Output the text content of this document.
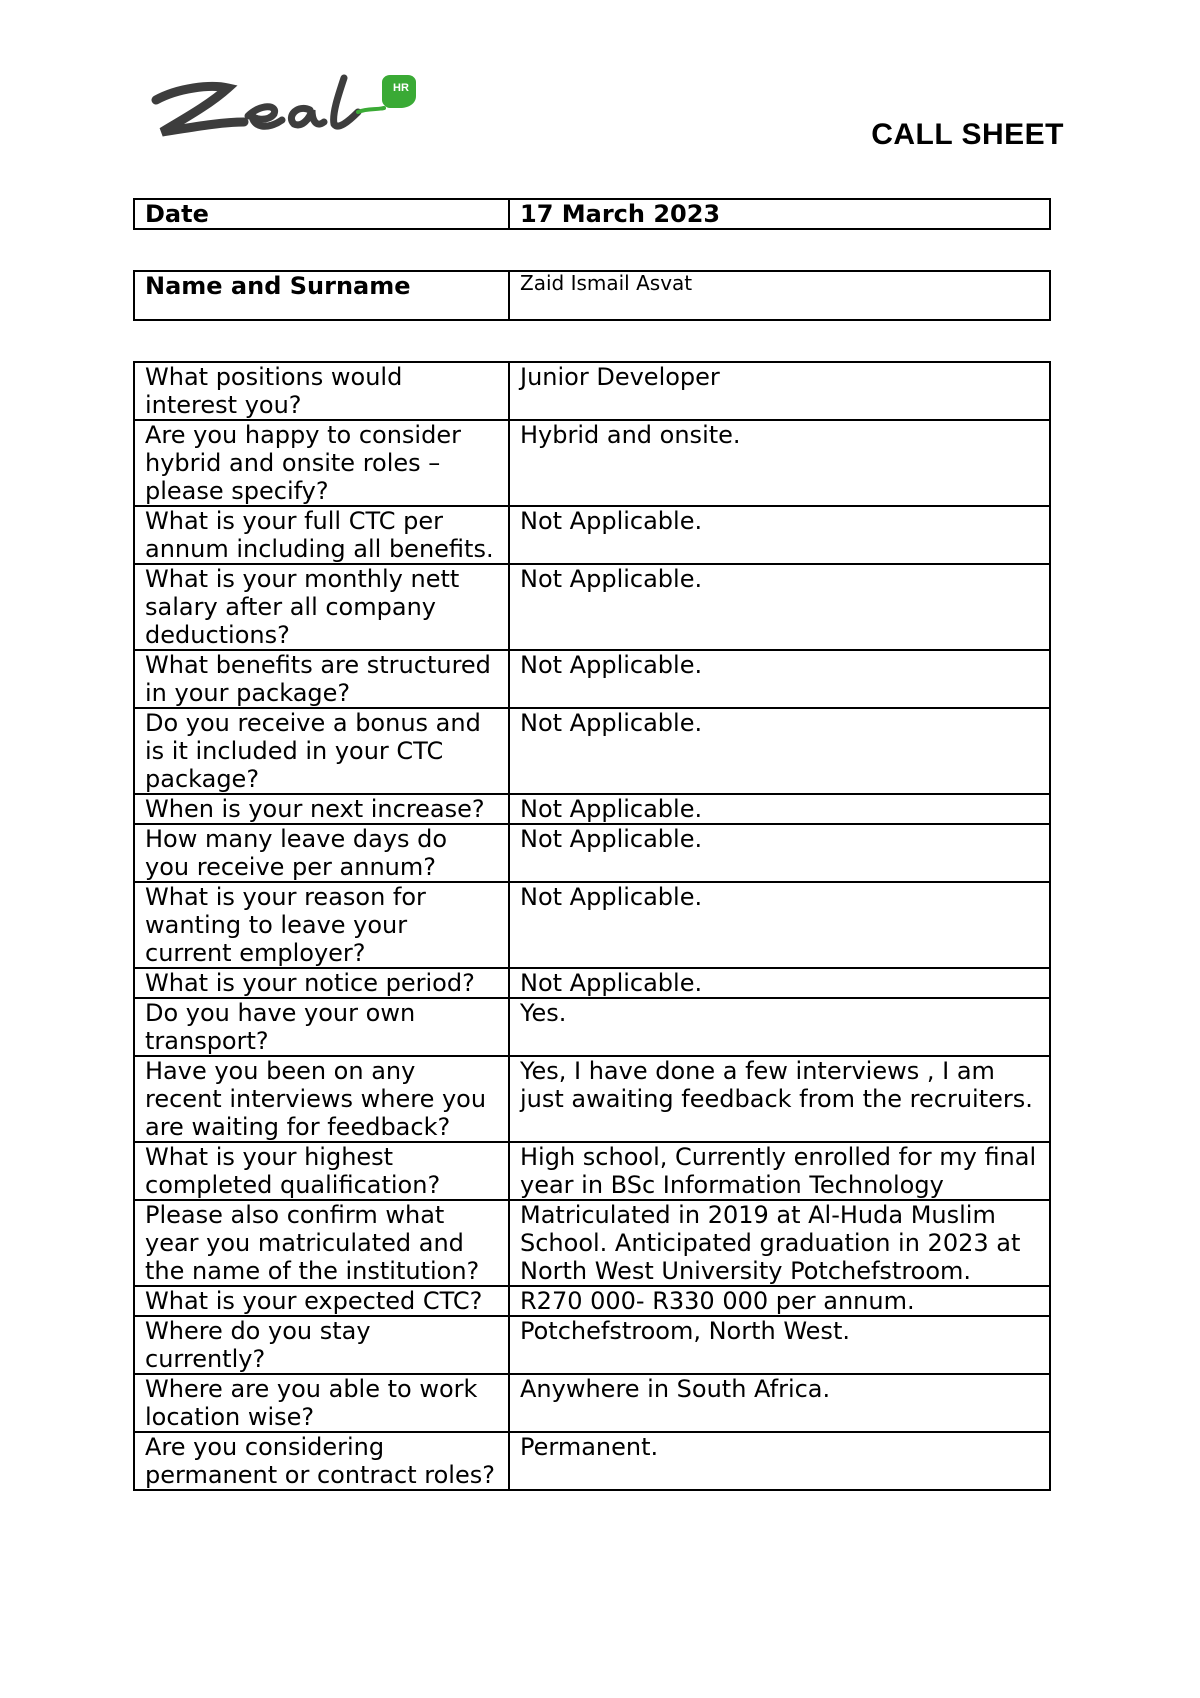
HR
CALL SHEET
Date	17 March 2023
Name and Surname	Zaid Ismail Asvat
What positions would interest you?	Junior Developer
Are you happy to consider hybrid and onsite roles – please specify?	Hybrid and onsite.
What is your full CTC per annum including all benefits.	Not Applicable.
What is your monthly nett salary after all company deductions?	Not Applicable.
What benefits are structured in your package?	Not Applicable.
Do you receive a bonus and is it included in your CTC package?	Not Applicable.
When is your next increase?	Not Applicable.
How many leave days do you receive per annum?	Not Applicable.
What is your reason for wanting to leave your current employer?	Not Applicable.
What is your notice period?	Not Applicable.
Do you have your own transport?	Yes.
Have you been on any recent interviews where you are waiting for feedback?	Yes, I have done a few interviews , I am just awaiting feedback from the recruiters.
What is your highest completed qualification?	High school, Currently enrolled for my final year in BSc Information Technology
Please also confirm what year you matriculated and the name of the institution?	Matriculated in 2019 at Al-Huda Muslim School. Anticipated graduation in 2023 at North West University Potchefstroom.
What is your expected CTC?	R270 000- R330 000 per annum.
Where do you stay currently?	Potchefstroom, North West.
Where are you able to work location wise?	Anywhere in South Africa.
Are you considering permanent or contract roles?	Permanent.
